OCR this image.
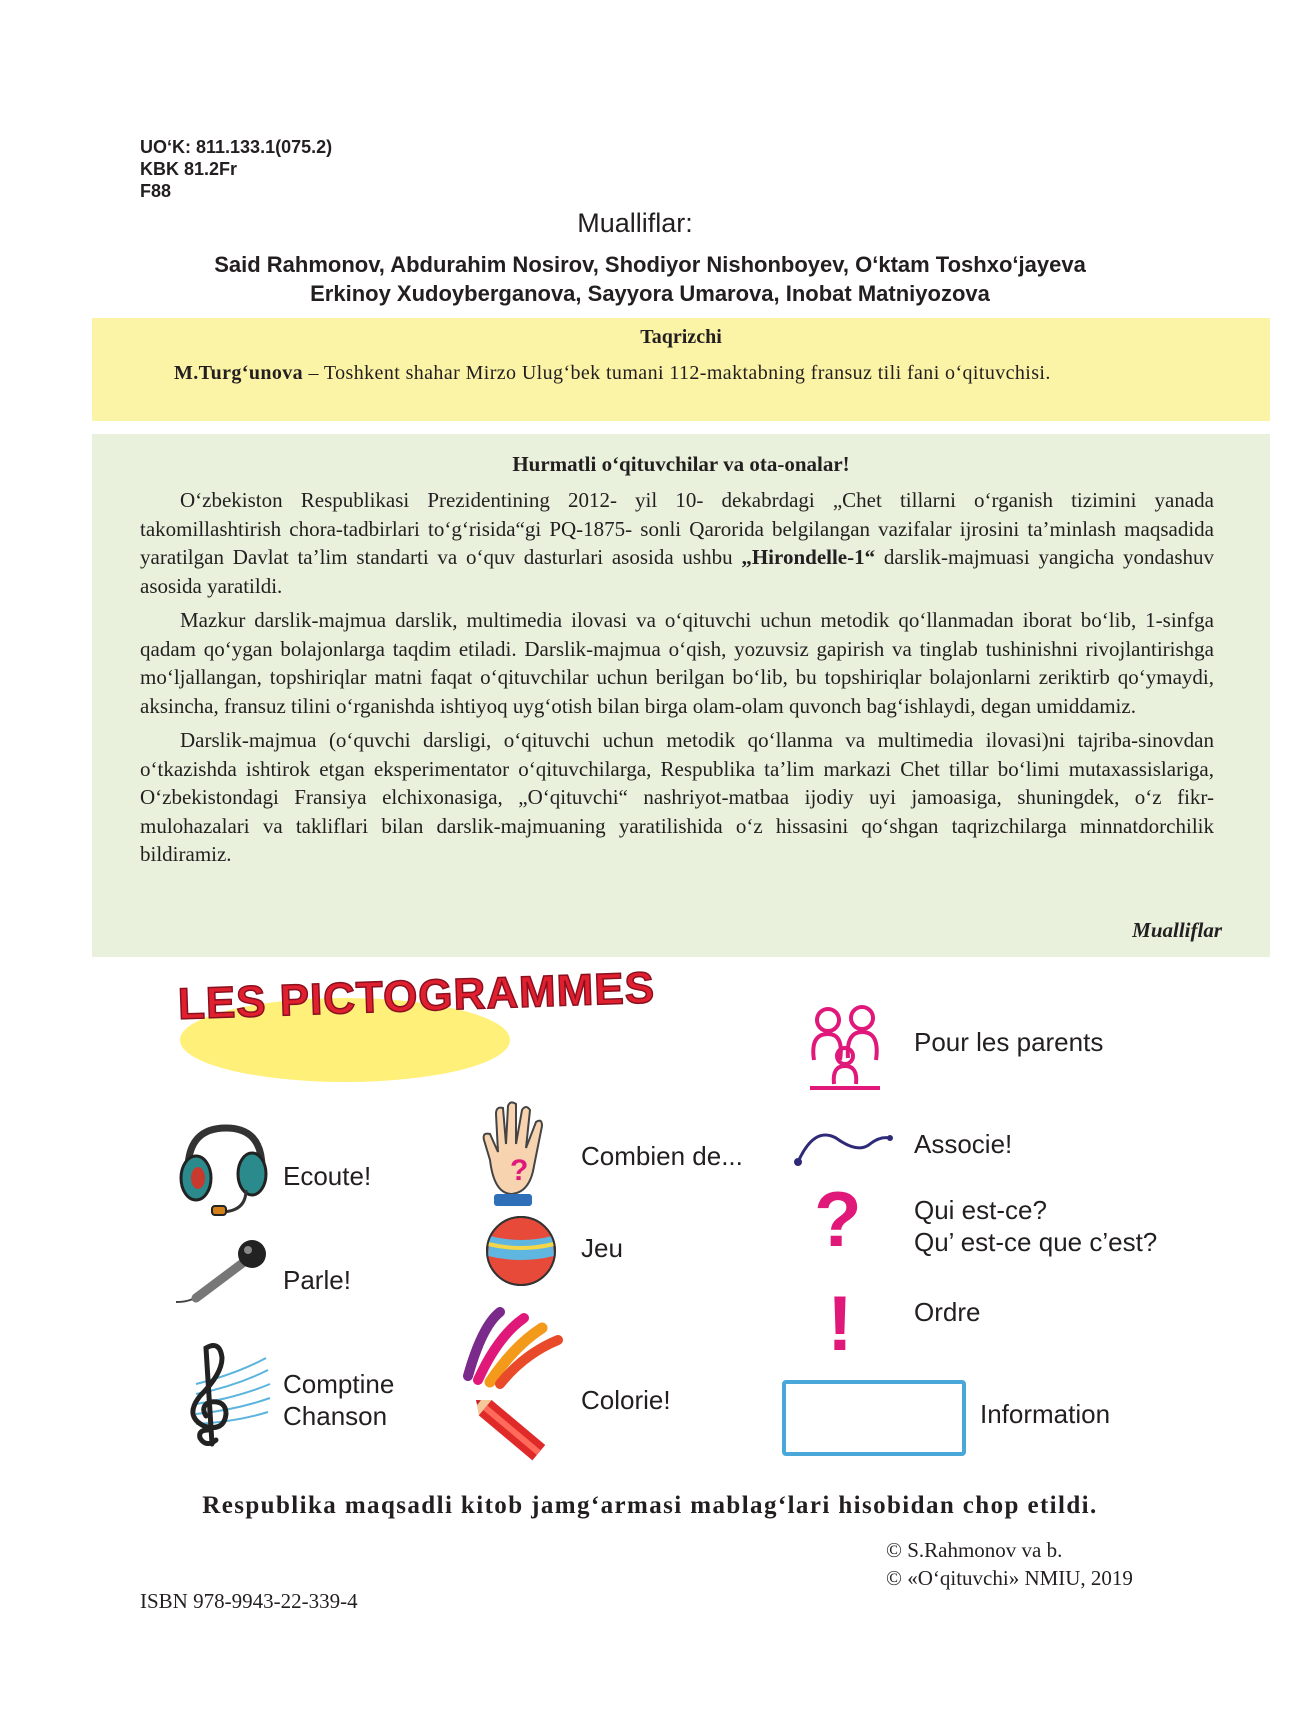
UO‘K: 811.133.1(075.2)
KBK 81.2Fr
F88
Mualliflar:
Said Rahmonov, Abdurahim Nosirov, Shodiyor Nishonboyev, O‘ktam Toshxo‘jayeva
Erkinoy Xudoyberganova, Sayyora Umarova, Inobat Matniyozova
Taqrizchi
M.Turg‘unova – Toshkent shahar Mirzo Ulug‘bek tumani 112-maktabning fransuz tili fani o‘qituvchisi.
Hurmatli o‘qituvchilar va ota-onalar!

O‘zbekiston Respublikasi Prezidentining 2012- yil 10- dekabrdagi „Chet tillarni o‘rganish tizimini yanada takomillashtirish chora-tadbirlari to‘g‘risida“gi PQ-1875- sonli Qarorida belgilangan vazifalar ijrosini ta’minlash maqsadida yaratilgan Davlat ta’lim standarti va o‘quv dasturlari asosida ushbu „Hirondelle-1“ darslik-majmuasi yangicha yondashuv asosida yaratildi.

Mazkur darslik-majmua darslik, multimedia ilovasi va o‘qituvchi uchun metodik qo‘llanmadan iborat bo‘lib, 1-sinfga qadam qo‘ygan bolajonlarga taqdim etiladi. Darslik-majmua o‘qish, yozuvsiz gapirish va tinglab tushinishni rivojlantirishga mo‘ljallangan, topshiriqlar matni faqat o‘qituvchilar uchun berilgan bo‘lib, bu topshiriqlar bolajonlarni zeriktirb qo‘ymaydi, aksincha, fransuz tilini o‘rganishda ishtiyoq uyg‘otish bilan birga olam-olam quvonch bag‘ishlaydi, degan umiddamiz.

Darslik-majmua (o‘quvchi darsligi, o‘qituvchi uchun metodik qo‘llanma va multimedia ilovasi)ni tajriba-sinovdan o‘tkazishda ishtirok etgan eksperimentator o‘qituvchilarga, Respublika ta’lim markazi Chet tillar bo‘limi mutaxassislariga, O‘zbekistondagi Fransiya elchixonasiga, „O‘qituvchi“ nashriyot-matbaa ijodiy uyi jamoasiga, shuningdek, o‘z fikr-mulohazalari va takliflari bilan darslik-majmuaning yaratilishida o‘z hissasini qo‘shgan taqrizchilarga minnatdorchilik bildiramiz.

Mualliflar
LES PICTOGRAMMES
Pour les parents
Ecoute!	? Combien de...	Associe!
Parle!
Jeu ? Qui est-ce?
Qu’ est-ce que c’est?
! Ordre
Comptine
Chanson
Colorie!	Information
Respublika maqsadli kitob jamg‘armasi mablag‘lari hisobidan chop etildi.
© S.Rahmonov va b.
© «O‘qituvchi» NMIU, 2019
ISBN 978-9943-22-339-4
